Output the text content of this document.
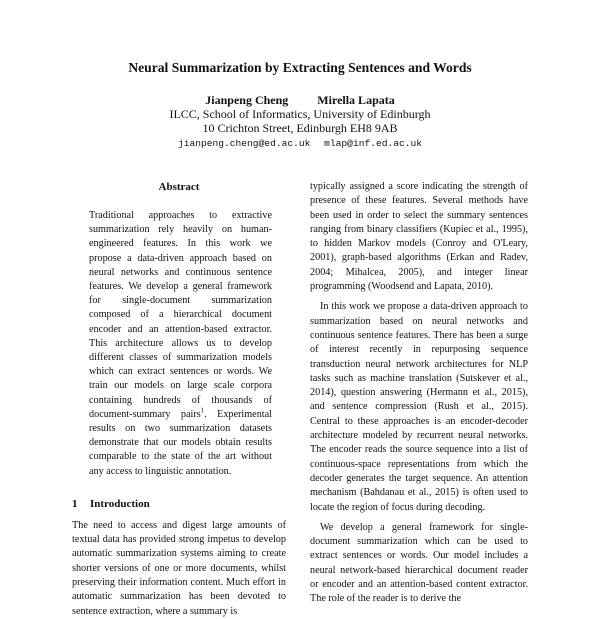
Neural Summarization by Extracting Sentences and Words
Jianpeng Cheng Mirella Lapata
ILCC, School of Informatics, University of Edinburgh
10 Crichton Street, Edinburgh EH8 9AB
jianpeng.cheng@ed.ac.uk mlap@inf.ed.ac.uk
Abstract

Traditional approaches to extractive summarization rely heavily on human-engineered features. In this work we propose a data-driven approach based on neural networks and continuous sentence features. We develop a general framework for single-document summarization composed of a hierarchical document encoder and an attention-based extractor. This architecture allows us to develop different classes of summarization models which can extract sentences or words. We train our models on large scale corpora containing hundreds of thousands of document-summary pairs$^1$. Experimental results on two summarization datasets demonstrate that our models obtain results comparable to the state of the art without any access to linguistic annotation.

1 Introduction

The need to access and digest large amounts of textual data has provided strong impetus to develop automatic summarization systems aiming to create shorter versions of one or more documents, whilst preserving their information content. Much effort in automatic summarization has been devoted to sentence extraction, where a summary is

typically assigned a score indicating the strength of presence of these features. Several methods have been used in order to select the summary sentences ranging from binary classifiers (Kupiec et al., 1995), to hidden Markov models (Conroy and O'Leary, 2001), graph-based algorithms (Erkan and Radev, 2004; Mihalcea, 2005), and integer linear programming (Woodsend and Lapata, 2010).

In this work we propose a data-driven approach to summarization based on neural networks and continuous sentence features. There has been a surge of interest recently in repurposing sequence transduction neural network architectures for NLP tasks such as machine translation (Sutskever et al., 2014), question answering (Hermann et al., 2015), and sentence compression (Rush et al., 2015). Central to these approaches is an encoder-decoder architecture modeled by recurrent neural networks. The encoder reads the source sequence into a list of continuous-space representations from which the decoder generates the target sequence. An attention mechanism (Bahdanau et al., 2015) is often used to locate the region of focus during decoding.

We develop a general framework for single-document summarization which can be used to extract sentences or words. Our model includes a neural network-based hierarchical document reader or encoder and an attention-based content extractor. The role of the reader is to derive the
